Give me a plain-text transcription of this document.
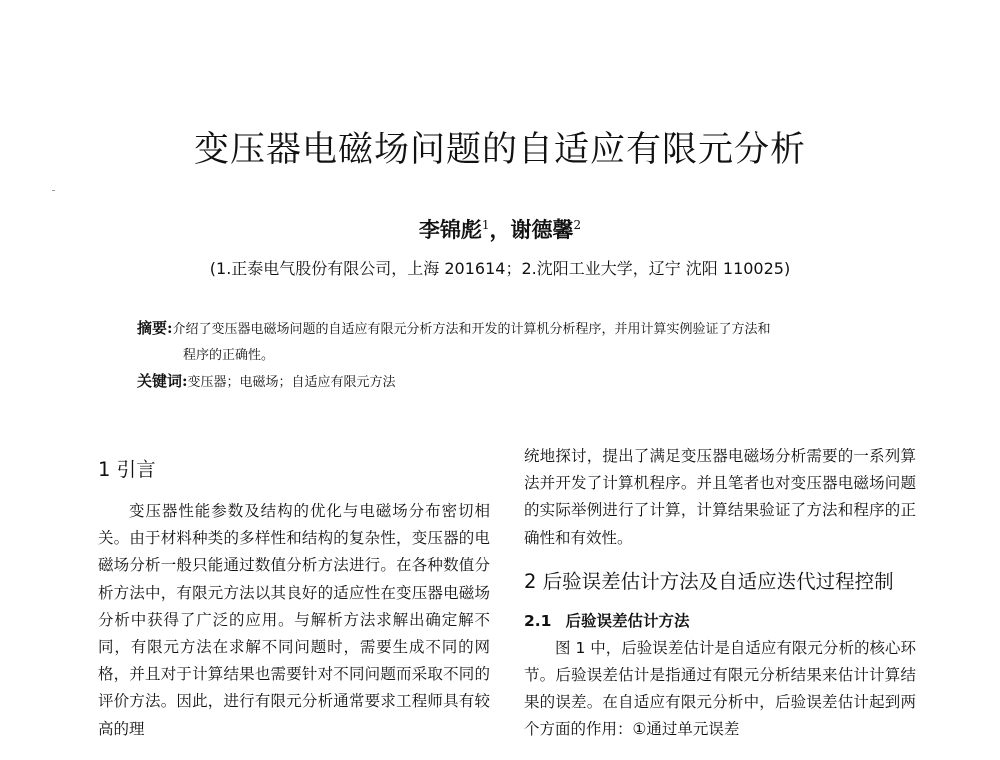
变压器电磁场问题的自适应有限元分析
李锦彪$^1$，谢德馨$^2$
(1.正泰电气股份有限公司，上海 201614；2.沈阳工业大学，辽宁 沈阳 110025)
摘要:介绍了变压器电磁场问题的自适应有限元分析方法和开发的计算机分析程序，并用计算实例验证了方法和
程序的正确性。
关键词:变压器；电磁场；自适应有限元方法
1 引言

变压器性能参数及结构的优化与电磁场分布密切相关。由于材料种类的多样性和结构的复杂性，变压器的电磁场分析一般只能通过数值分析方法进行。在各种数值分析方法中，有限元方法以其良好的适应性在变压器电磁场分析中获得了广泛的应用。与解析方法求解出确定解不同，有限元方法在求解不同问题时，需要生成不同的网格，并且对于计算结果也需要针对不同问题而采取不同的评价方法。因此，进行有限元分析通常要求工程师具有较高的理

统地探讨，提出了满足变压器电磁场分析需要的一系列算法并开发了计算机程序。并且笔者也对变压器电磁场问题的实际举例进行了计算，计算结果验证了方法和程序的正确性和有效性。

2 后验误差估计方法及自适应迭代过程控制
2.1 后验误差估计方法

图 1 中，后验误差估计是自适应有限元分析的核心环节。后验误差估计是指通过有限元分析结果来估计计算结果的误差。在自适应有限元分析中，后验误差估计起到两个方面的作用：①通过单元误差
